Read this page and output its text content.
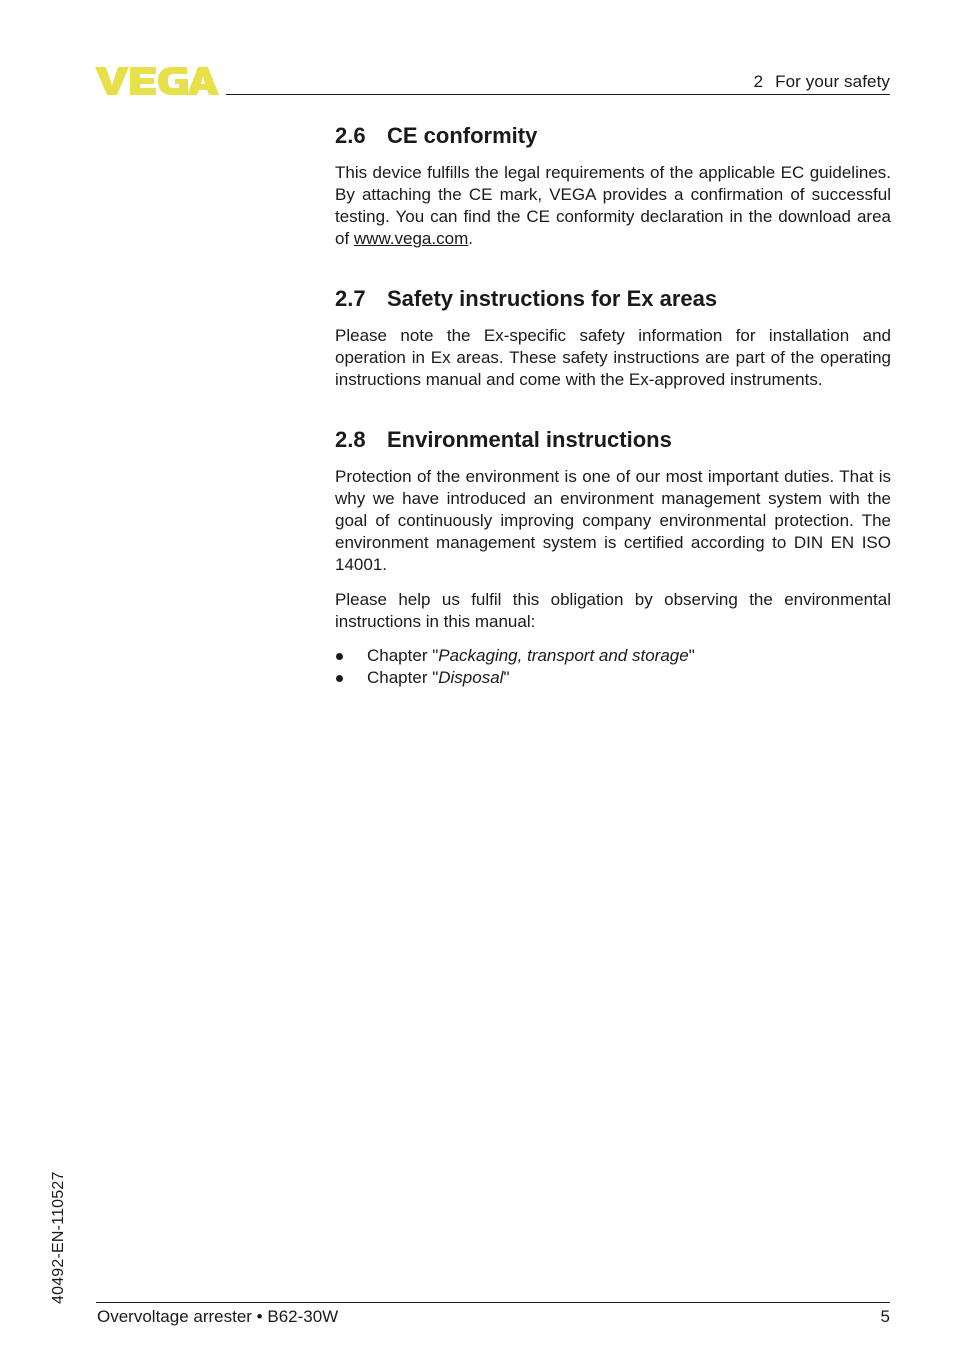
2 For your safety
2.6 CE conformity

This device fulfills the legal requirements of the applicable EC guidelines. By attaching the CE mark, VEGA provides a confirmation of successful testing. You can find the CE conformity declaration in the download area of www.vega.com.

2.7 Safety instructions for Ex areas

Please note the Ex-specific safety information for installation and operation in Ex areas. These safety instructions are part of the operating instructions manual and come with the Ex-approved instruments.

2.8 Environmental instructions

Protection of the environment is one of our most important duties. That is why we have introduced an environment management system with the goal of continuously improving company environmental protection. The environment management system is certified according to DIN EN ISO 14001.

Please help us fulfil this obligation by observing the environmental instructions in this manual:

Chapter "Packaging, transport and storage"
Chapter "Disposal"
40492-EN-110527
Overvoltage arrester • B62-30W	5
